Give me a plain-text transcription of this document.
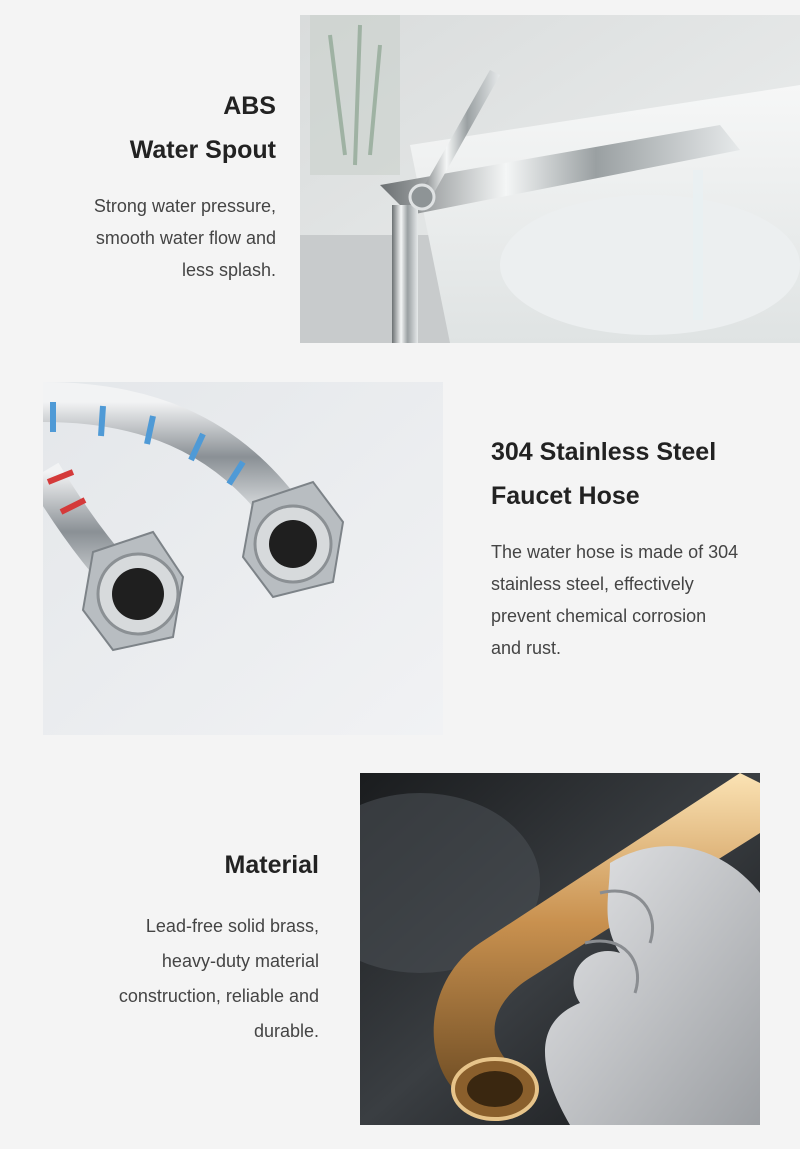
ABS

Water Spout

Strong water pressure,

smooth water flow and

less splash.

304 Stainless Steel

Faucet Hose

The water hose is made of 304

stainless steel, effectively

prevent chemical corrosion

and rust.

Material

Lead-free solid brass,

heavy-duty material

construction, reliable and

durable.
